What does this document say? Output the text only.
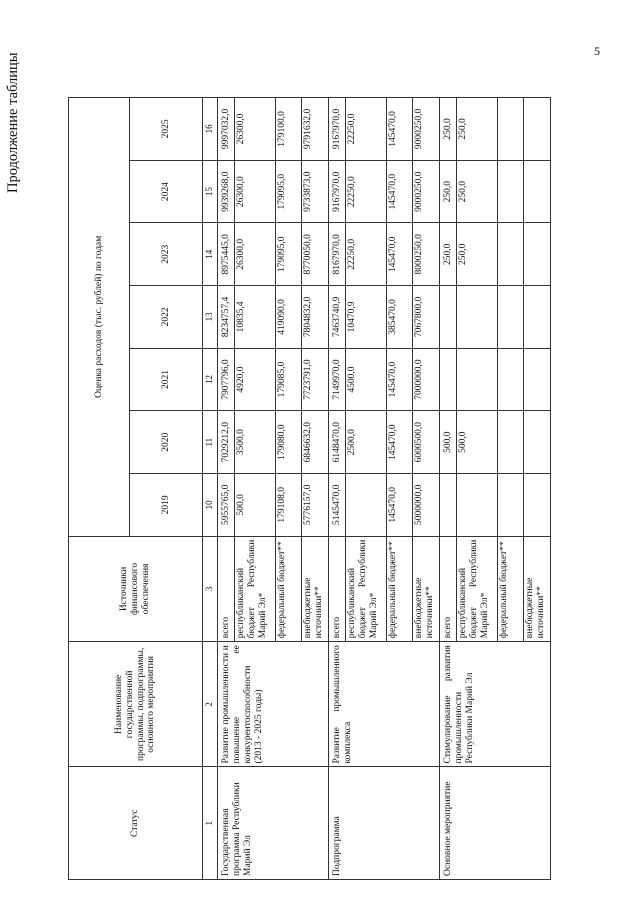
5
Продолжение таблицы
Статус	Наименование государственной программы, подпрограммы, основного мероприятия	Источники финансового обеспечения	Оценка расходов (тыс. рублей) по годам						
			2019	2020	2021	2022	2023	2024	2025
1	2	3	10	11	12	13	14	15	16
Государственная программа Республики Марий Эл	Развитие промышленности и повышение ее конкурентоспособности (2013 - 2025 годы)	всего	5955765,0	7029212,0	7907796,0	8234757,4	8975445,0	9939268,0	9997032,0
		республиканский бюджет Республики Марий Эл*	500,0	3500,0	4920,0	10835,4	26300,0	26300,0	26300,0
		федеральный бюджет**	179108,0	179080,0	179085,0	419090,0	179095,0	179095,0	179100,0
		внебюджетные источники**	5776157,0	6846632,0	7723791,0	7804832,0	8770050,0	9733873,0	9791632,0
Подпрограмма	Развитие промышленного комплекса	всего	5145470,0	6148470,0	7149970,0	7463740,9	8167970,0	9167970,0	9167970,0
		республиканский бюджет Республики Марий Эл*		2500,0	4500,0	10470,9	22250,0	22250,0	22250,0
		федеральный бюджет**	145470,0	145470,0	145470,0	385470,0	145470,0	145470,0	145470,0
		внебюджетные источники**	5000000,0	6000500,0	7000000,0	7067800,0	8000250,0	9000250,0	9000250,0
Основное мероприятие	Стимулирование развития промышленности Республики Марий Эл	всего		500,0			250,0	250,0	250,0
		республиканский бюджет Республики Марий Эл*		500,0			250,0	250,0	250,0
		федеральный бюджет**							
		внебюджетные источники**							
